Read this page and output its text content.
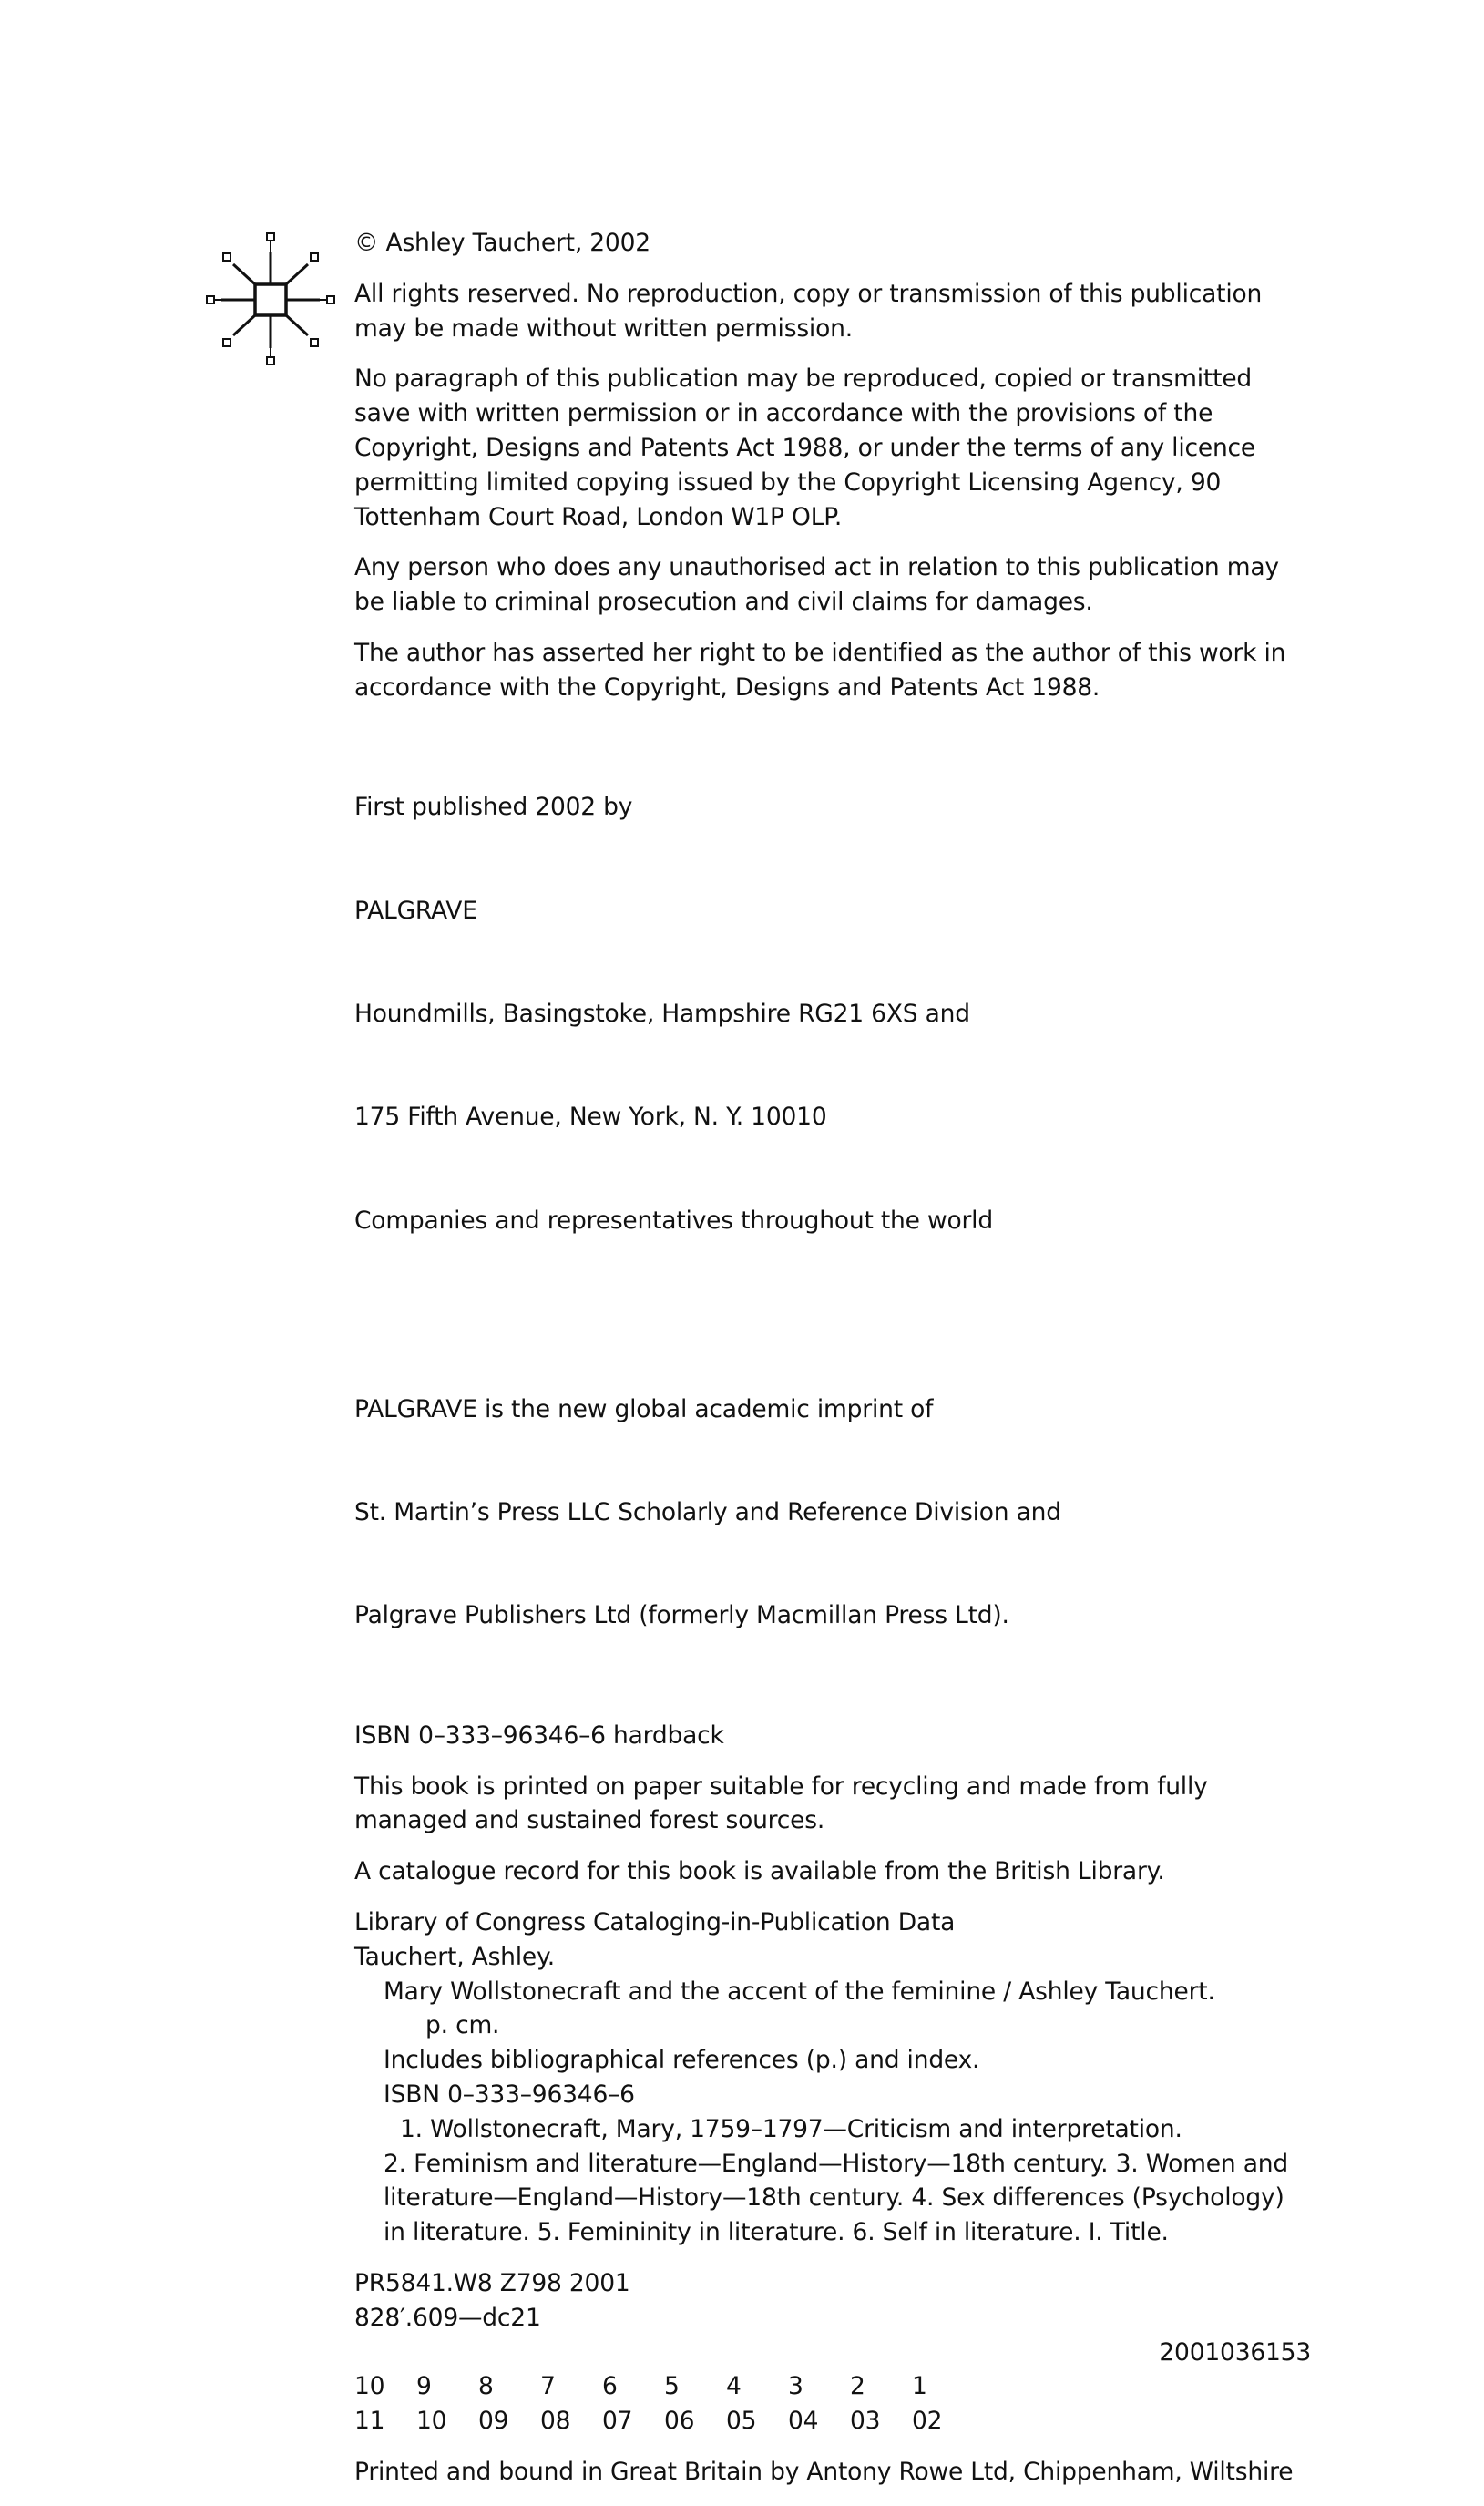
© Ashley Tauchert, 2002

All rights reserved. No reproduction, copy or transmission of this publication may be made without written permission.

No paragraph of this publication may be reproduced, copied or transmitted save with written permission or in accordance with the provisions of the Copyright, Designs and Patents Act 1988, or under the terms of any licence permitting limited copying issued by the Copyright Licensing Agency, 90 Tottenham Court Road, London W1P OLP.

Any person who does any unauthorised act in relation to this publication may be liable to criminal prosecution and civil claims for damages.

The author has asserted her right to be identified as the author of this work in accordance with the Copyright, Designs and Patents Act 1988.

First published 2002 by

PALGRAVE

Houndmills, Basingstoke, Hampshire RG21 6XS and

175 Fifth Avenue, New York, N. Y. 10010

Companies and representatives throughout the world

PALGRAVE is the new global academic imprint of

St. Martin’s Press LLC Scholarly and Reference Division and

Palgrave Publishers Ltd (formerly Macmillan Press Ltd).

ISBN 0–333–96346–6 hardback

This book is printed on paper suitable for recycling and made from fully managed and sustained forest sources.

A catalogue record for this book is available from the British Library.

Library of Congress Cataloging-in-Publication Data
Tauchert, Ashley.
Mary Wollstonecraft and the accent of the feminine / Ashley Tauchert.
p. cm.
Includes bibliographical references (p.) and index.
ISBN 0–333–96346–6
1. Wollstonecraft, Mary, 1759–1797—Criticism and interpretation.
2. Feminism and literature—England—History—18th century. 3. Women and literature—England—History—18th century. 4. Sex differences (Psychology) in literature. 5. Femininity in literature. 6. Self in literature. I. Title.
PR5841.W8 Z798 2001
828′.609—dc21
2001036153
10	9	8	7	6	5	4	3	2	1
11	10	09	08	07	06	05	04	03	02

Printed and bound in Great Britain by Antony Rowe Ltd, Chippenham, Wiltshire
